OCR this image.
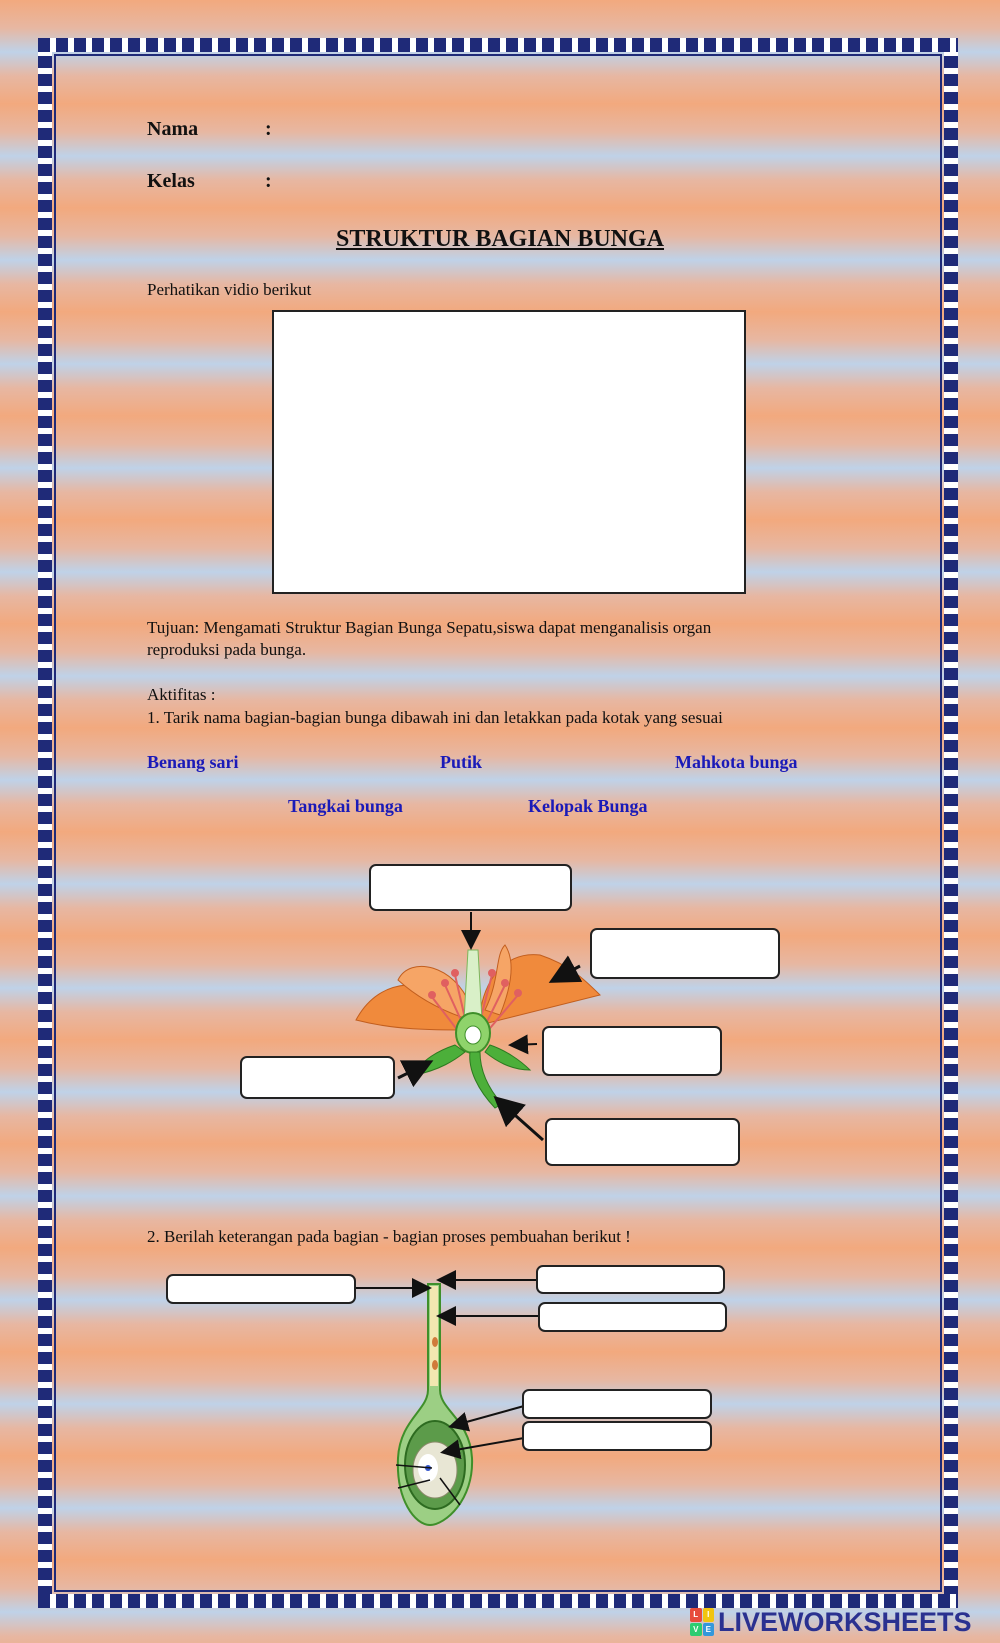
Nama	:
Kelas	:
STRUKTUR BAGIAN BUNGA
Perhatikan vidio berikut
Tujuan: Mengamati Struktur Bagian Bunga Sepatu,siswa dapat menganalisis organ
reproduksi pada bunga.
Aktifitas :
1. Tarik nama bagian-bagian bunga dibawah ini dan letakkan pada kotak yang sesuai
Benang sari	Putik	Mahkota bunga
Tangkai bunga	Kelopak Bunga
2. Berilah keterangan pada bagian - bagian proses pembuahan berikut !
L	I
V E LIVEWORKSHEETS
